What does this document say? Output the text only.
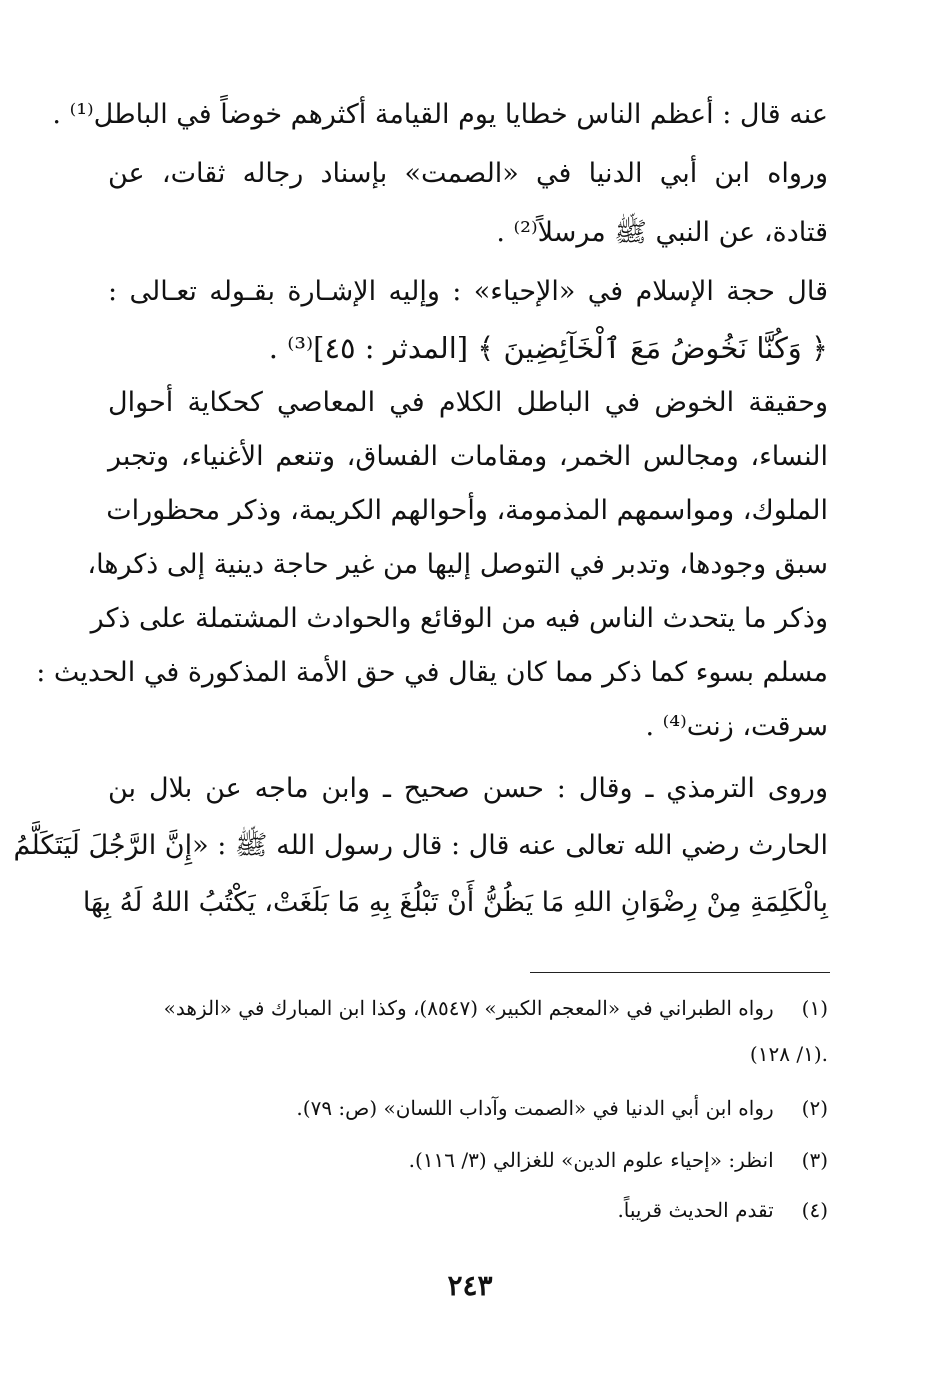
عنه قال : أعظم الناس خطايا يوم القيامة أكثرهم خوضاً في الباطل⁽¹⁾ .
ورواه ابن أبي الدنيا في «الصمت» بإسناد رجاله ثقات، عن
قتادة، عن النبي ﷺ مرسلاً⁽²⁾ .
قال حجة الإسلام في «الإحياء» : وإليه الإشـارة بقـوله تعـالى :
﴿ وَكُنَّا نَخُوضُ مَعَ ٱلْخَآئِضِينَ ﴾ [المدثر : ٤٥]⁽³⁾ .
وحقيقة الخوض في الباطل الكلام في المعاصي كحكاية أحوال
النساء، ومجالس الخمر، ومقامات الفساق، وتنعم الأغنياء، وتجبر
الملوك، ومواسمهم المذمومة، وأحوالهم الكريمة، وذكر محظورات
سبق وجودها، وتدبر في التوصل إليها من غير حاجة دينية إلى ذكرها،
وذكر ما يتحدث الناس فيه من الوقائع والحوادث المشتملة على ذكر
مسلم بسوء كما ذكر مما كان يقال في حق الأمة المذكورة في الحديث :
سرقت، زنت⁽⁴⁾ .
وروى الترمذي ـ وقال : حسن صحيح ـ وابن ماجه عن بلال بن
الحارث رضي الله تعالى عنه قال : قال رسول الله ﷺ : «إِنَّ الرَّجُلَ لَيَتَكَلَّمُ
بِالْكَلِمَةِ مِنْ رِضْوَانِ اللهِ مَا يَظُنُّ أَنْ تَبْلُغَ بِهِ مَا بَلَغَتْ، يَكْتُبُ اللهُ لَهُ بِهَا
(١) رواه الطبراني في «المعجم الكبير» (٨٥٤٧)، وكذا ابن المبارك في «الزهد»
(١/ ١٢٨).
(٢) رواه ابن أبي الدنيا في «الصمت وآداب اللسان» (ص: ٧٩).
(٣) انظر: «إحياء علوم الدين» للغزالي (٣/ ١١٦).
(٤) تقدم الحديث قريباً.
٢٤٣
